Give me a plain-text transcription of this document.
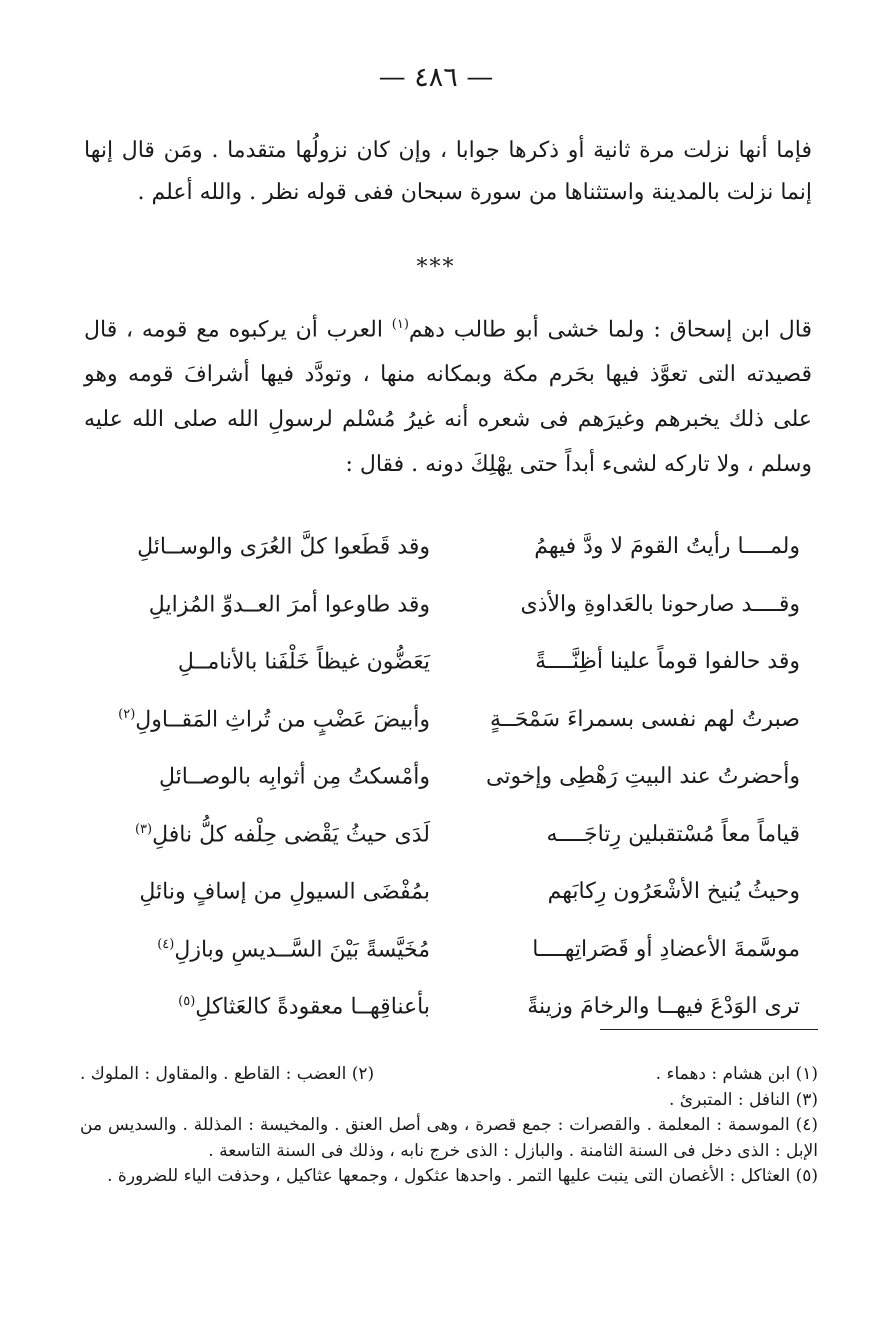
— ٤٨٦ —

فإما أنها نزلت مرة ثانية أو ذكرها جوابا ، وإن كان نزولُها متقدما . ومَن قال إنها إنما نزلت بالمدينة واستثناها من سورة سبحان ففى قوله نظر . والله أعلم .

***

قال ابن إسحاق : ولما خشى أبو طالب دهم$^{(١)}$ العرب أن يركبوه مع قومه ، قال قصيدته التى تعوَّذ فيها بحَرم مكة وبمكانه منها ، وتودَّد فيها أشرافَ قومه وهو على ذلك يخبرهم وغيرَهم فى شعره أنه غيرُ مُسْلم لرسولِ الله صلى الله عليه وسلم ، ولا تاركه لشىء أبداً حتى يهْلِكَ دونه . فقال :

ولمــــا رأيتُ القومَ لا ودَّ فيهمُ
وقد قَطَعوا كلَّ العُرَى والوســائلِ
وقــــد صارحونا بالعَداوةِ والأذى
وقد طاوعوا أمرَ العــدوِّ المُزايلِ
وقد حالفوا قوماً علينا أظِنَّــــةً
يَعَضُّون غيظاً خَلْفَنا بالأنامــلِ
صبرتُ لهم نفسى بسمراءَ سَمْحَــةٍ
وأبيضَ عَضْبٍ من تُراثِ المَقــاولِ$^{(٢)}$
وأحضرتُ عند البيتِ رَهْطِى وإخوتى
وأمْسكتُ مِن أثوابِه بالوصــائلِ
قياماً معاً مُسْتقبلين رِتاجَــــه
لَدَى حيثُ يَقْضى حِلْفه كلُّ نافلِ$^{(٣)}$
وحيثُ يُنيخ الأشْعَرُون رِكابَهم
بمُفْضَى السيولِ من إسافٍ ونائلِ
موسَّمةَ الأعضادِ أو قَصَراتِهــــا
مُخَيَّسةً بَيْنَ السَّــديسِ وبازلِ$^{(٤)}$
ترى الوَدْعَ فيهــا والرخامَ وزينةً
بأعناقِهــا معقودةً كالعَثاكلِ$^{(٥)}$
(١) ابن هشام : دهماء .
(٢) العضب : القاطع . والمقاول : الملوك .
(٣) النافل : المتبرئ .
(٤) الموسمة : المعلمة . والقصرات : جمع قصرة ، وهى أصل العنق . والمخيسة : المذللة . والسديس من الإبل : الذى دخل فى السنة الثامنة . والبازل : الذى خرج نابه ، وذلك فى السنة التاسعة .
(٥) العثاكل : الأغصان التى ينبت عليها التمر . واحدها عثكول ، وجمعها عثاكيل ، وحذفت الياء للضرورة .
